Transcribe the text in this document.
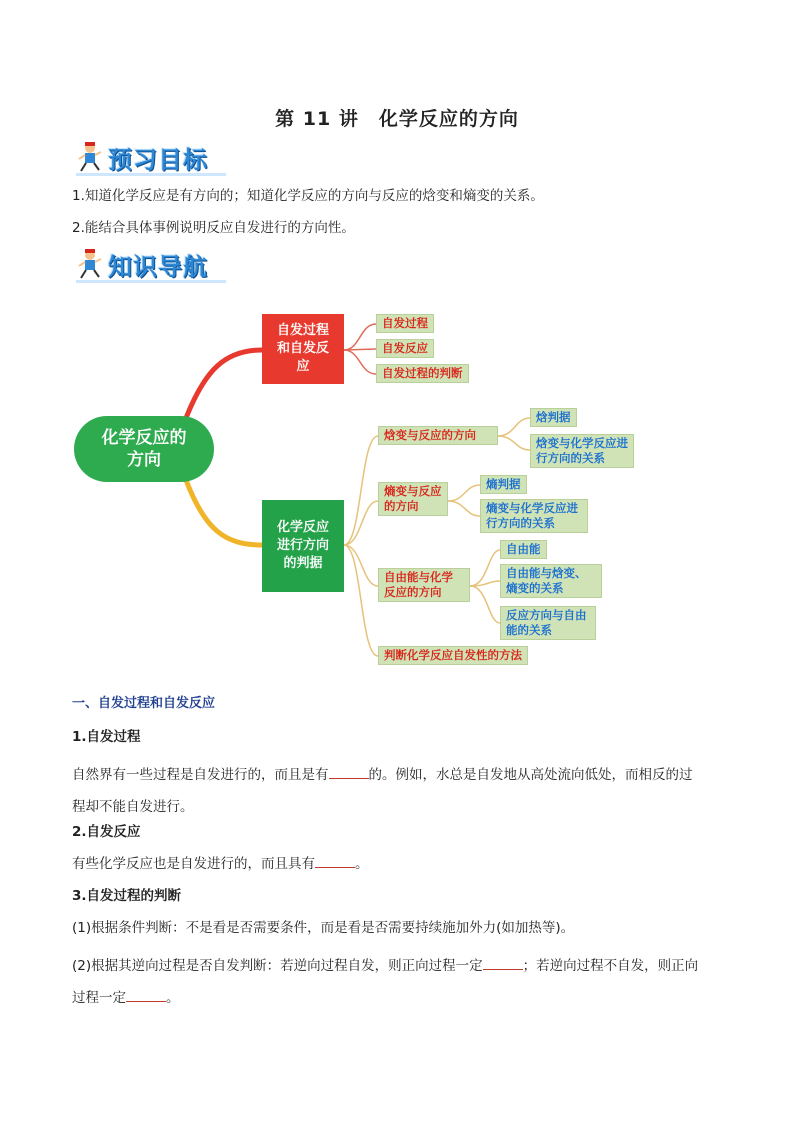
第 11 讲　化学反应的方向
预习目标
1.知道化学反应是有方向的；知道化学反应的方向与反应的焓变和熵变的关系。
2.能结合具体事例说明反应自发进行的方向性。
知识导航
化学反应的方向
自发过程和自发反应
自发过程
自发反应
自发过程的判断
化学反应进行方向的判据
焓变与反应的方向
焓判据
焓变与化学反应进行方向的关系
熵变与反应的方向
熵判据
熵变与化学反应进行方向的关系
自由能与化学反应的方向
自由能
自由能与焓变、熵变的关系
反应方向与自由能的关系
判断化学反应自发性的方法
一、自发过程和自发反应
1.自发过程
自然界有一些过程是自发进行的，而且是有	的。例如，水总是自发地从高处流向低处，而相反的过
程却不能自发进行。
2.自发反应
有些化学反应也是自发进行的，而且具有	。
3.自发过程的判断
(1)根据条件判断：不是看是否需要条件，而是看是否需要持续施加外力(如加热等)。
(2)根据其逆向过程是否自发判断：若逆向过程自发，则正向过程一定	；若逆向过程不自发，则正向
过程一定	。
